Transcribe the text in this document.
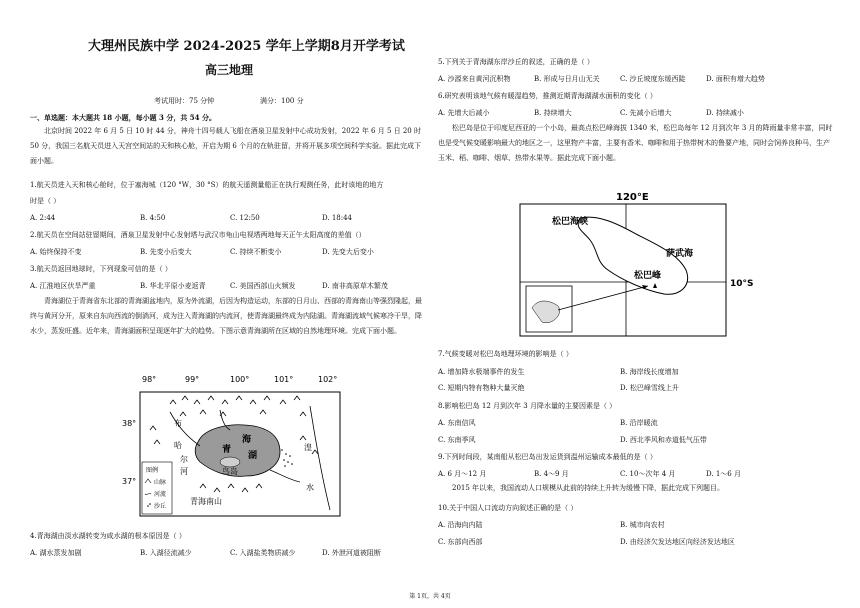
大理州民族中学 2024-2025 学年上学期8月开学考试
高三地理
考试用时：75 分钟	满分：100 分
一、单选题：本大题共 18 小题，每小题 3 分，共 54 分。
北京时间 2022 年 6 月 5 日 10 时 44 分，神舟十四号载人飞船在酒泉卫星发射中心成功发射，2022 年 6 月 5 日 20 时 50 分，我国三名航天员进入天宫空间站的天和核心舱，开启为期 6 个月的在轨驻留，并将开展多项空间科学实验。据此完成下面小题。
1.航天员进入天和核心舱时，位于塞海城（120 °W，30 °S）的航天遥测量船正在执行观测任务，此时该地的地方
时是（ ）
A. 2:44	B. 4:50	C. 12:50	D. 18:44
2.航天员在空间站驻留期间，酒泉卫星发射中心发射塔与武汉市龟山电视塔两地每天正午太阳高度的差值（）
A. 始终保持不变	B. 先变小后变大	C. 持续不断变小	D. 先变大后变小
3.航天员返回地球时，下列现象可信的是（ ）
A. 江淮地区伏旱严重	B. 华北平原小麦返青	C. 美国西部山火频发	D. 南非高原草木繁茂
青海湖位于青海省东北部的青海湖盆地内，原为外流湖，后因为构造运动，东部的日月山、西部的青海南山等强烈隆起，最终与黄河分开，原来自东向西流的倒淌河，成为注入青海湖的内流河，使青海湖最终成为内陆湖。青海湖流域气候寒冷干旱，降水少，蒸发旺盛。近年来，青海湖面积呈现逐年扩大的趋势。下图示意青海湖所在区域的自然地理环境。完成下面小题。
98°	99°	100°	101°	102°
38°
37°
青
海
湖
鸟岛
布
哈
尔
河
湟
水
青海南山
图例
山脉
河流
沙丘
4.青海湖由淡水湖转变为咸水湖的根本原因是（ ）
A. 湖水蒸发加剧	B. 入湖径流减少	C. 入湖盐类物质减少	D. 外泄河道被阻断
5.下列关于青海湖东岸沙丘的叙述，正确的是（ ）
A. 沙源来自黄河沉积物	B. 形成与日月山无关	C. 沙丘坡度东缓西陡	D. 面积有增大趋势
6.研究表明该地气候有暖湿趋势，推测近期青海湖湖水面积的变化（ ）
A. 先增大后减小	B. 持续增大	C. 先减小后增大	D. 持续减小
松巴岛是位于印度尼西亚的一个小岛，最高点松巴峰海拔 1340 米，松巴岛每年 12 月到次年 3 月的降雨量非常丰富，同时也是受气候变暖影响最大的地区之一，这里物产丰富，主要有香米、咖啡和用于热带树木的鲁要产地，同时会饲养良种马，生产玉米、稻、咖啡、烟草、热带水果等。据此完成下面小题。
120°E
10°S
松巴海峡
萨武海
松巴峰
7.气候变暖对松巴岛地理环境的影响是（ ）
A. 增加降水极端事件的发生	B. 海岸线长度增加
C. 短期内特有物种大量灭绝	D. 松巴峰雪线上升
8.影响松巴岛 12 月到次年 3 月降水量的主要因素是（ ）
A. 东南信风	B. 沿岸暖流
C. 东南季风	D. 西北季风和赤道低气压带
9.下列时间段，某南船从松巴岛出发运货到温州运输成本最低的是（ ）
A. 6 月～12 月	B. 4～9 月	C. 10～次年 4 月	D. 1～6 月
2015 年以来，我国流动人口规模从此前的持续上升转为缓慢下降，据此完成下列题目。
10.关于中国人口流动方向叙述正确的是（ ）
A. 沿海向内陆	B. 城市向农村
C. 东部向西部	D. 由经济欠发达地区向经济发达地区
第 1页，共 4页
